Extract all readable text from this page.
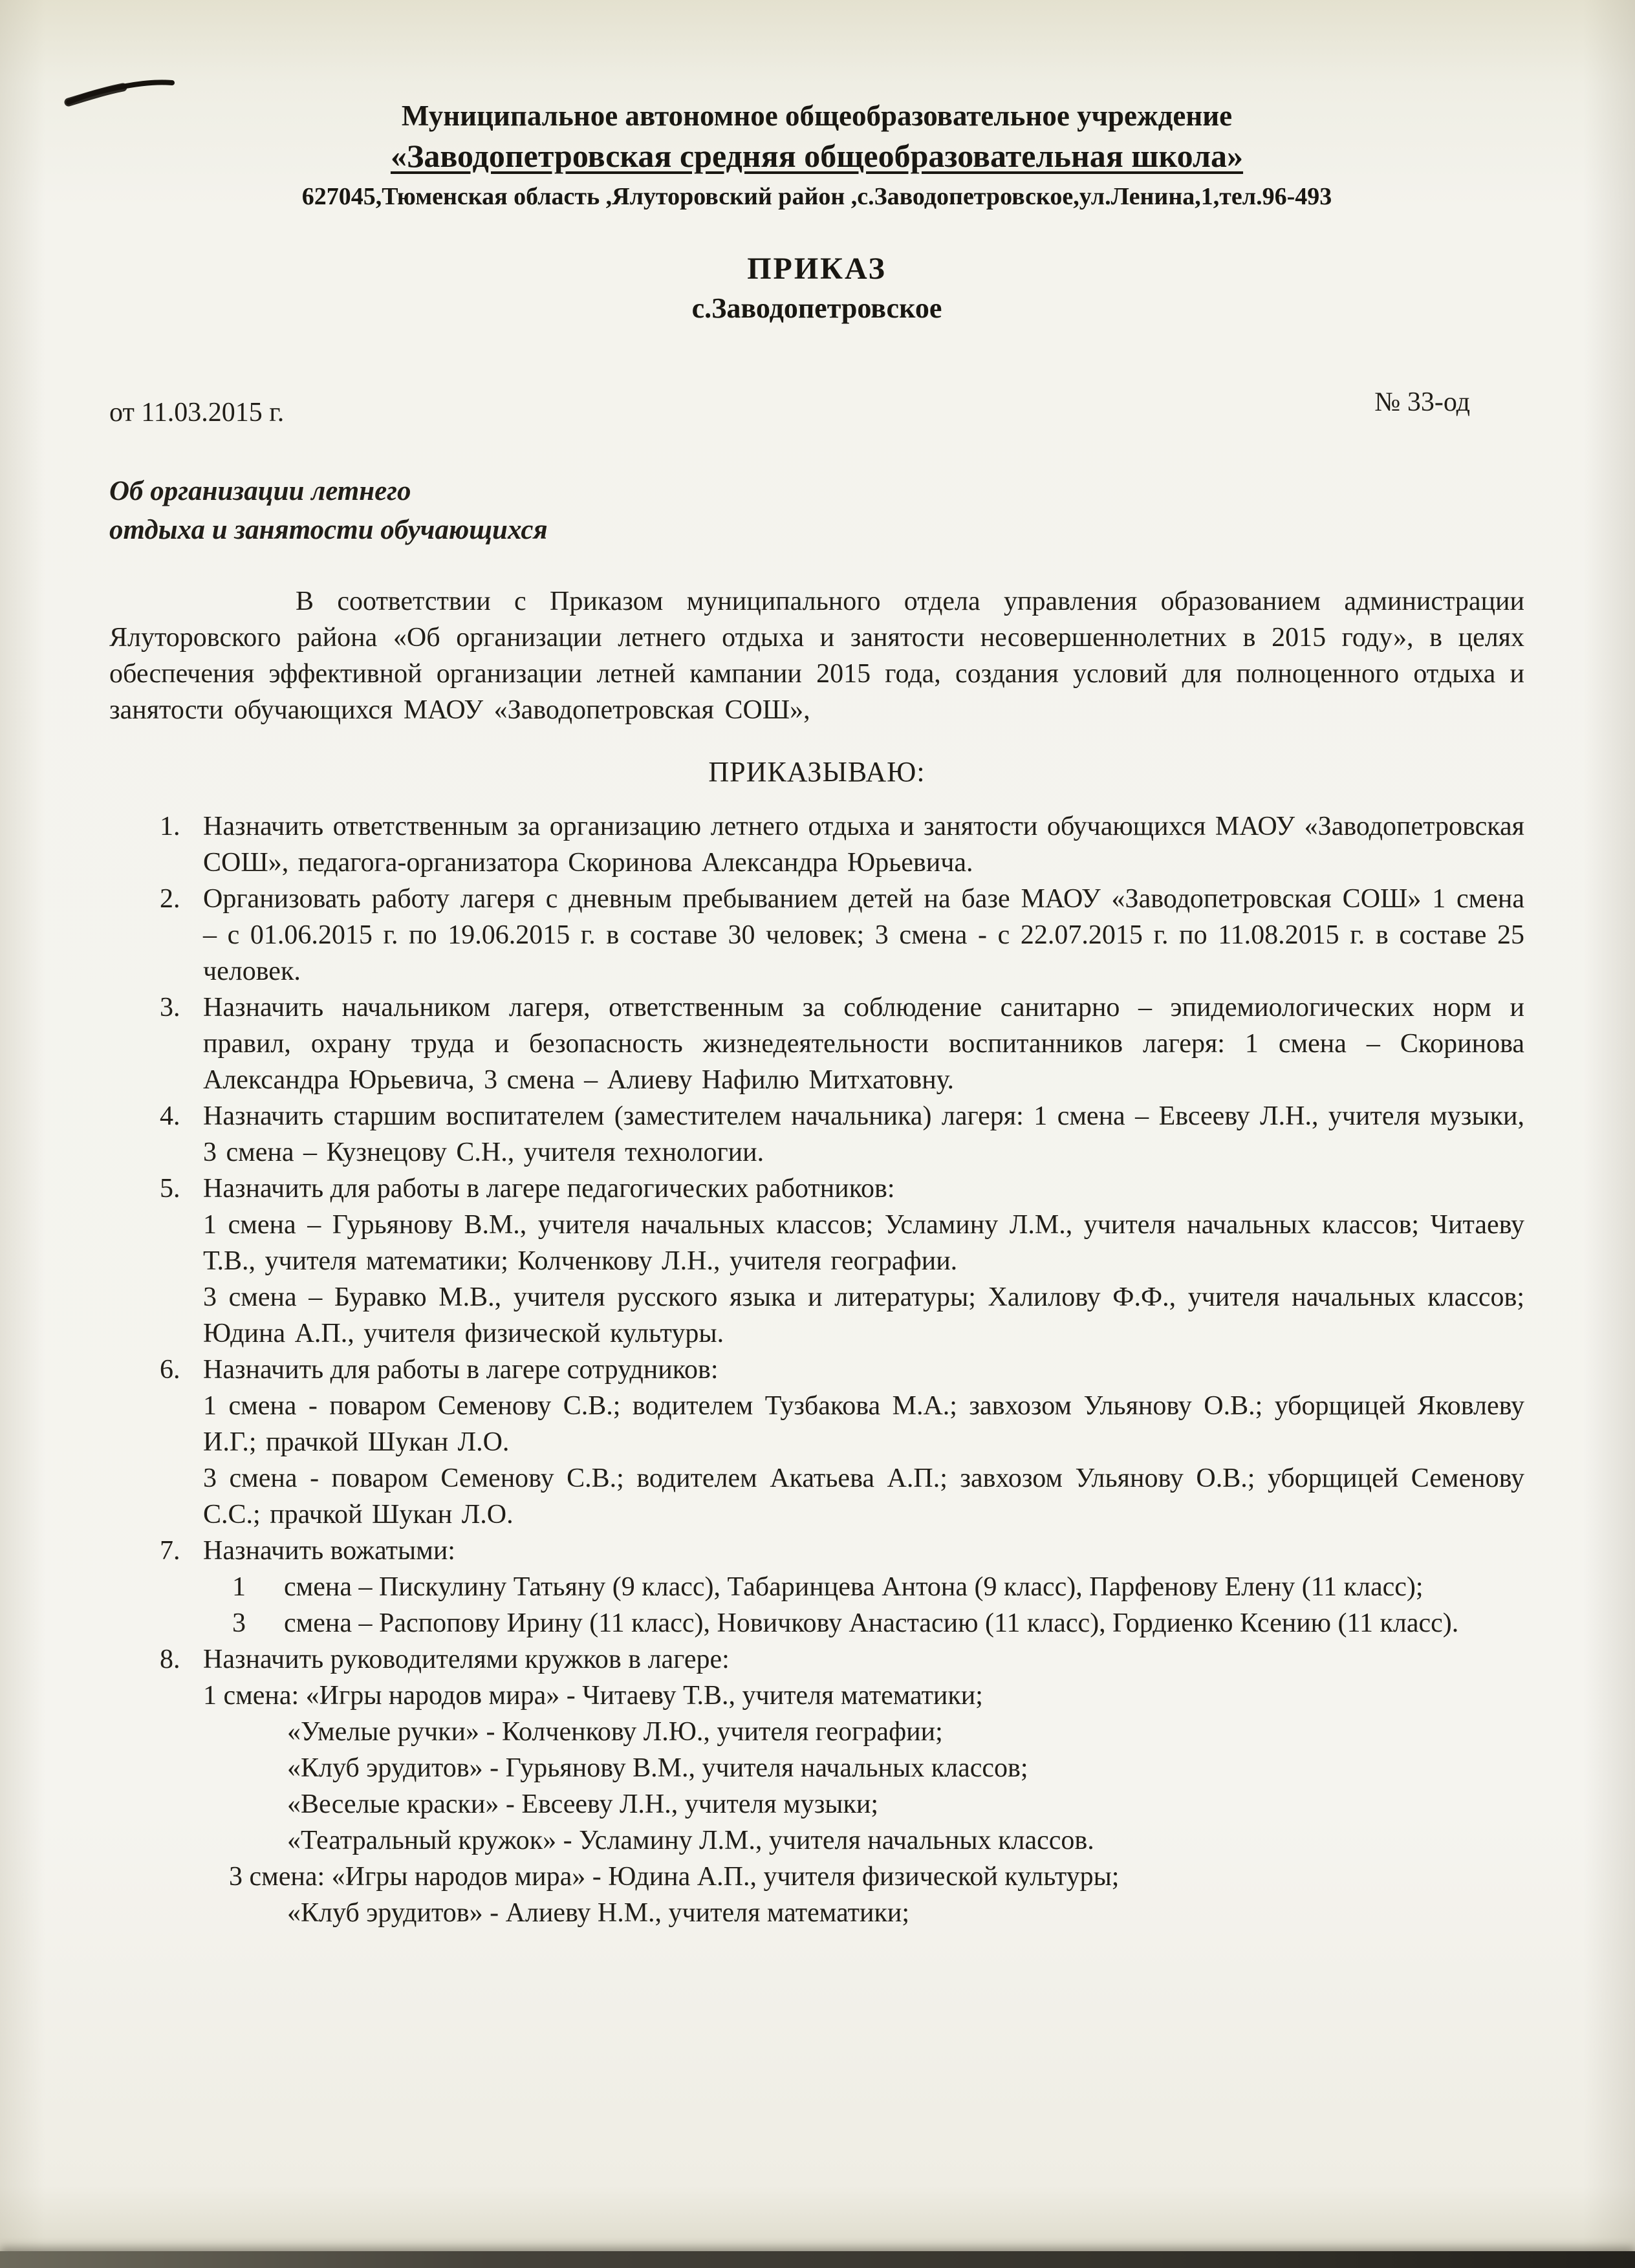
Муниципальное автономное общеобразовательное учреждение
«Заводопетровская средняя общеобразовательная школа»
627045,Тюменская область ,Ялуторовский район ,с.Заводопетровское,ул.Ленина,1,тел.96-493
ПРИКАЗ
с.Заводопетровское
от 11.03.2015 г.	№ 33-од
Об организации летнего
отдыха и занятости обучающихся

В соответствии с Приказом муниципального отдела управления образованием администрации Ялуторовского района «Об организации летнего отдыха и занятости несовершеннолетних в 2015 году», в целях обеспечения эффективной организации летней кампании 2015 года, создания условий для полноценного отдыха и занятости обучающихся МАОУ «Заводопетровская СОШ»,

ПРИКАЗЫВАЮ:
1. Назначить ответственным за организацию летнего отдыха и занятости обучающихся МАОУ «Заводопетровская СОШ», педагога-организатора Скоринова Александра Юрьевича.

2. Организовать работу лагеря с дневным пребыванием детей на базе МАОУ «Заводопетровская СОШ» 1 смена – с 01.06.2015 г. по 19.06.2015 г. в составе 30 человек; 3 смена - с 22.07.2015 г. по 11.08.2015 г. в составе 25 человек.

3. Назначить начальником лагеря, ответственным за соблюдение санитарно – эпидемиологических норм и правил, охрану труда и безопасность жизнедеятельности воспитанников лагеря: 1 смена – Скоринова Александра Юрьевича, 3 смена – Алиеву Нафилю Митхатовну.

4. Назначить старшим воспитателем (заместителем начальника) лагеря: 1 смена – Евсееву Л.Н., учителя музыки, 3 смена – Кузнецову С.Н., учителя технологии.

5. Назначить для работы в лагере педагогических работников:

1 смена – Гурьянову В.М., учителя начальных классов; Усламину Л.М., учителя начальных классов; Читаеву Т.В., учителя математики; Колченкову Л.Н., учителя географии.

3 смена – Буравко М.В., учителя русского языка и литературы; Халилову Ф.Ф., учителя начальных классов; Юдина А.П., учителя физической культуры.

6. Назначить для работы в лагере сотрудников:

1 смена - поваром Семенову С.В.; водителем Тузбакова М.А.; завхозом Ульянову О.В.; уборщицей Яковлеву И.Г.; прачкой Шукан Л.О.

3 смена - поваром Семенову С.В.; водителем Акатьева А.П.; завхозом Ульянову О.В.; уборщицей Семенову С.С.; прачкой Шукан Л.О.

7. Назначить вожатыми:

1	смена – Пискулину Татьяну (9 класс), Табаринцева Антона (9 класс), Парфенову Елену (11 класс);

3	смена – Распопову Ирину (11 класс), Новичкову Анастасию (11 класс), Гордиенко Ксению (11 класс).

8. Назначить руководителями кружков в лагере:

1 смена: «Игры народов мира» - Читаеву Т.В., учителя математики;

«Умелые ручки» - Колченкову Л.Ю., учителя географии;

«Клуб эрудитов» - Гурьянову В.М., учителя начальных классов;

«Веселые краски» - Евсееву Л.Н., учителя музыки;

«Театральный кружок» - Усламину Л.М., учителя начальных классов.

3 смена: «Игры народов мира» - Юдина А.П., учителя физической культуры;

«Клуб эрудитов» - Алиеву Н.М., учителя математики;
